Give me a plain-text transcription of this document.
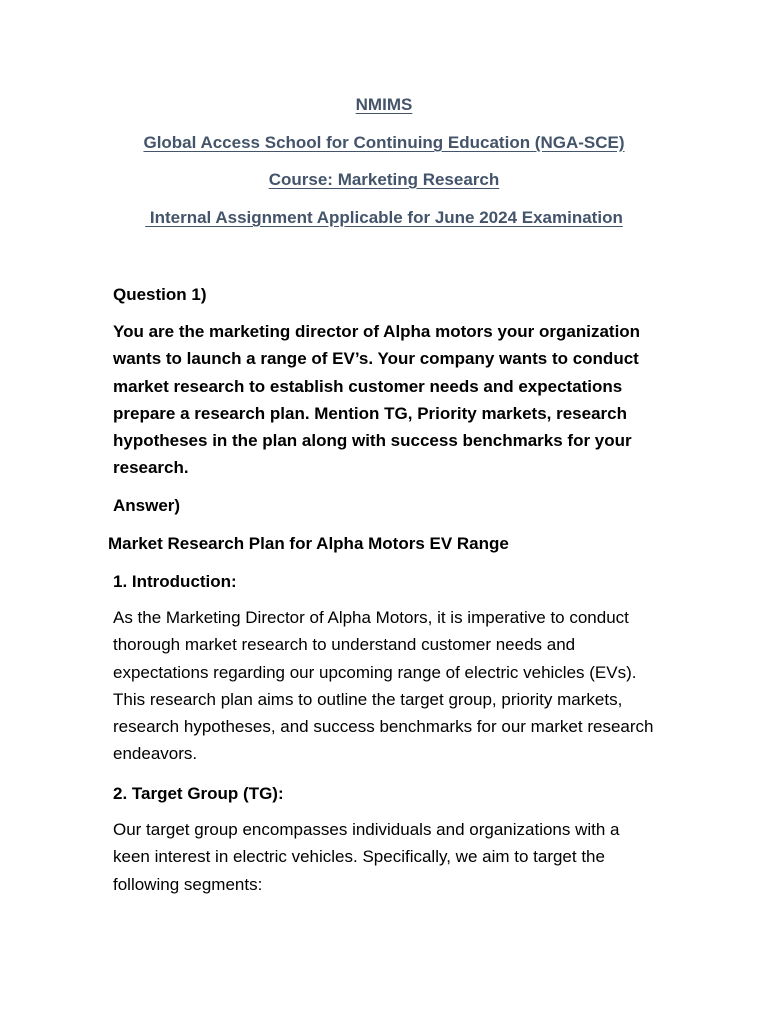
NMIMS
Global Access School for Continuing Education (NGA-SCE)
Course: Marketing Research
Internal Assignment Applicable for June 2024 Examination
Question 1)
You are the marketing director of Alpha motors your organization wants to launch a range of EV’s. Your company wants to conduct market research to establish customer needs and expectations prepare a research plan. Mention TG, Priority markets, research hypotheses in the plan along with success benchmarks for your research.
Answer)
Market Research Plan for Alpha Motors EV Range
1. Introduction:
As the Marketing Director of Alpha Motors, it is imperative to conduct thorough market research to understand customer needs and expectations regarding our upcoming range of electric vehicles (EVs). This research plan aims to outline the target group, priority markets, research hypotheses, and success benchmarks for our market research endeavors.
2. Target Group (TG):
Our target group encompasses individuals and organizations with a keen interest in electric vehicles. Specifically, we aim to target the following segments:
